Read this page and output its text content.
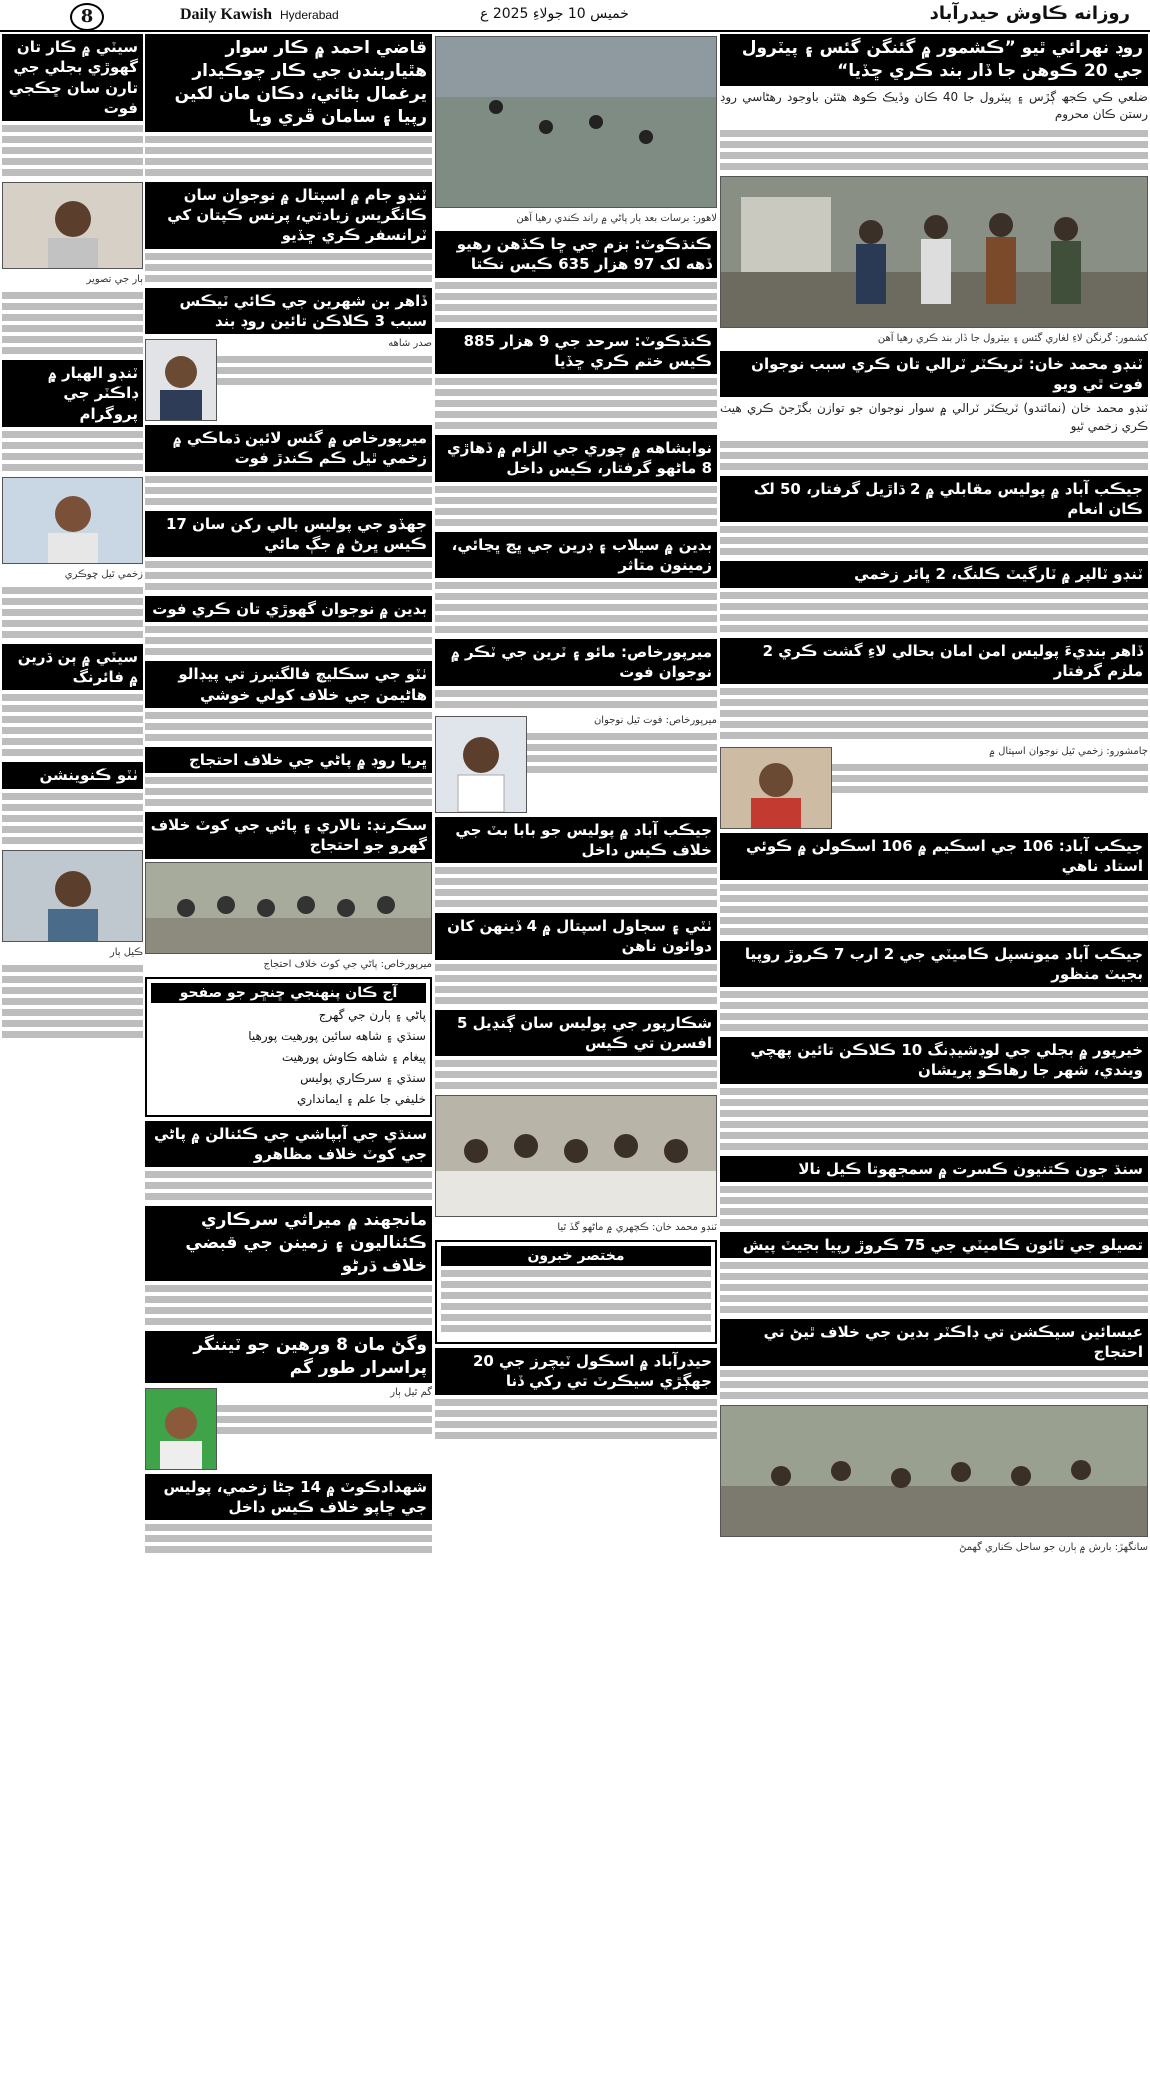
8	Daily Kawish Hyderabad	خميس 10 جولاءِ 2025 ع	روزانه ڪاوش حيدرآباد
روڊ نهرائي ٿيو ”ڪشمور ۾ گئنگن گئس ۽ پيٽرول جي 20 ڪوهن جا ڏار بند ڪري ڇڏيا“

ضلعي ڪي ڪجھ ڳڙس ۽ پيٽرول جا 40 ڪان وڏيڪ ڪوھ هٿئن باوجود رهڻاسي روڊ رستن ڪان محروم

کشمور: گرنگن لاءِ لغاري گئس ۽ بيٽرول جا ڏار بند ڪري رهيا آهن

ٽنڊو محمد خان: ٽريڪٽر ٽرالي تان ڪري سبب نوجوان فوت ٿي ويو

ٽنڊو محمد خان (نمائندو) ٽريڪٽر ٽرالي ۾ سوار نوجوان جو توازن بگڙجڻ ڪري هيٺ ڪري زخمي ٿيو

جيڪب آباد ۾ پوليس مقابلي ۾ 2 ڌاڙيل گرفتار، 50 لک ڪان انعام
ٽنڊو ٽالپر ۾ ٽارگيٽ ڪلنگ، 2 ڀائر زخمي
ڏاهر بنديءَ پولیس امن امان بحالي لاءِ گشت ڪري 2 ملزم گرفتار

ڄامشورو: زخمي ٿيل نوجوان اسپتال ۾

جيڪب آباد: 106 جي اسڪيم ۾ 106 اسڪولن ۾ ڪوئي استاد ناهي
جيڪب آباد ميونسپل ڪاميٽي جي 2 ارب 7 ڪروڙ روپيا بجيٽ منظور
خيرپور ۾ بجلي جي لوڊشيڊنگ 10 ڪلاڪن تائين پهچي ويندي، شهر جا رهاڪو پريشان
سنڌ جون ڪتنيون ڪسرت ۾ سمجھوتا ڪيل نالا
تصيلو جي ٽائون ڪاميٽي جي 75 ڪروڙ رپيا بجيٽ پيش
عيسائين سيڪشن تي ڊاڪٽر بدين جي خلاف ٿيڻ تي احتجاج

سانگهڙ: بارش ۾ ٻارن جو ساحل ڪناري گهمڻ

لاهور: برسات بعد ٻار پاڻي ۾ راند ڪندي رهيا آهن

ڪنڌڪوٽ: بزم جي ڇا ڪڏهن رهيو ڏهه لک 97 هزار 635 ڪيس نڪتا
ڪنڌڪوٽ: سرحد جي 9 هزار 885 ڪيس ختم ڪري ڇڏيا
نوابشاهه ۾ چوري جي الزام ۾ ڏهاڙي 8 ماڻهو گرفتار، ڪيس داخل
بدين ۾ سيلاب ۽ ڊرين جي ڀڃ ڀڃائي، زمينون متاثر
ميرپورخاص: مائو ۽ ٽرين جي ٽڪر ۾ نوجوان فوت

ميرپورخاص: فوت ٿيل نوجوان

جيڪب آباد ۾ پوليس جو بابا بٽ جي خلاف ڪيس داخل
ٺٽي ۽ سجاول اسپتال ۾ 4 ڏينهن کان دوائون ناهن
شڪارپور جي پوليس سان ڳنڍيل 5 افسرن تي ڪيس

ٽنڊو محمد خان: ڪچهري ۾ ماڻهو گڏ ٿيا

مختصر خبرون
حيدرآباد ۾ اسڪول ٽيچرز جي 20 جهڳڙي سيڪرٽ تي رکي ڏنا
قاضي احمد ۾ ڪار سوار هٿياربندن جي ڪار چوڪيدار يرغمال بڻائي، دڪان مان لکين رپيا ۽ سامان ڦري ويا
ٽنڊو جام ۾ اسپتال ۾ نوجوان سان ڪانگريس زيادتي، پرنس ڪپتان کي ٽرانسفر ڪري ڇڏيو
ڏاهر بن شهرين جي ڪائي ٽيڪس سبب 3 ڪلاڪن تائين روڊ بند

صدر شاهه

ميرپورخاص ۾ گئس لائين ڌماڪي ۾ زخمي ٿيل ڪم ڪندڙ فوت
جهڏو جي پوليس بالي رکن سان 17 ڪيس ڀرڻ ۾ جڳ مائي
بدين ۾ نوجوان گهوڙي تان ڪري فوت
ٺٽو جي سڪليچ فالگنيرز تي پيڊالو هاڻيمن جي خلاف کولي خوشي
ڀريا روڊ ۾ پاڻي جي خلاف احتجاج
سڪرنڊ: نالاري ۽ پاڻي جي کوٽ خلاف گهرو جو احتجاج

ميرپورخاص: پاڻي جي کوٽ خلاف احتجاج

آج ڪان پنهنجي ڇنڇر جو صفحو
پاڻي ۽ ٻارن جي گهرج
سنڌي ۽ شاهه سائين پورهيت پورهيا
پيغام ۽ شاهه ڪاوش پورهيت
سنڌي ۽ سرڪاري پوليس
خليفي جا علم ۽ ايمانداري
سنڌي جي آبپاشي جي ڪئنالن ۾ پاڻي جي کوٽ خلاف مظاهرو
مانجهند ۾ ميراثي سرڪاري ڪئناليون ۽ زمينن جي قبضي خلاف ڌرڻو
وگڻ مان 8 ورهين جو ٽيننگر پراسرار طور گم

گم ٿيل ٻار

شهدادڪوٽ ۾ 14 ڄڻا زخمي، پوليس جي ڇاپو خلاف ڪيس داخل
سيٽي ۾ ڪار تان گهوڙي بجلي جي تارن سان ڇڪجي فوت

ٻار جي تصوير

ٽنڊو الهيار ۾ ڊاڪٽر جي پروگرام

زخمي ٿيل ڇوڪري

سيٽي ۾ ٻن ڌرين ۾ فائرنگ
ٺٽو ڪنوينشن

ڪيل ٻار
